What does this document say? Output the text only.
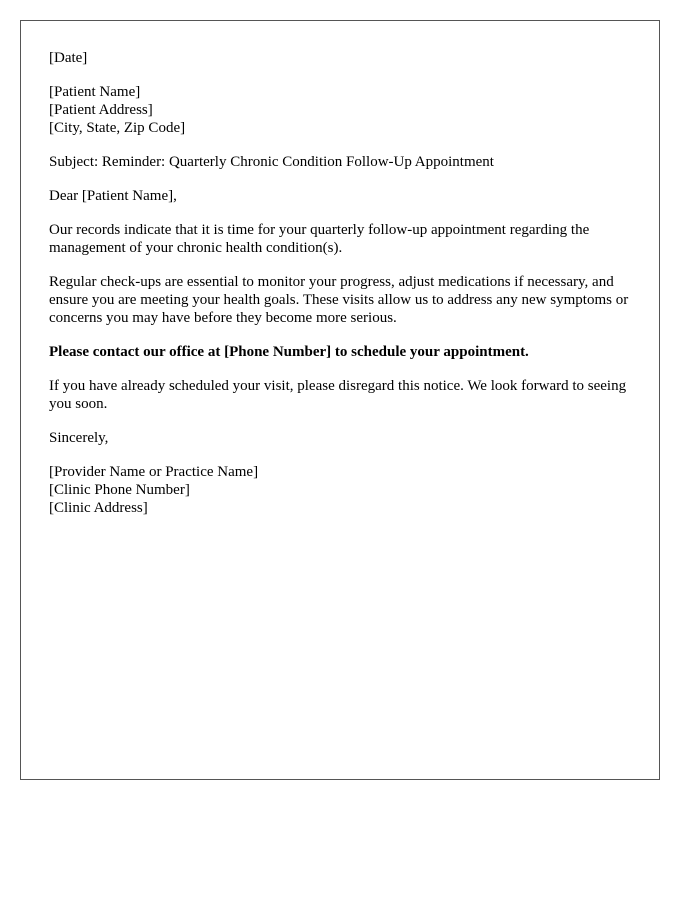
[Date]
[Patient Name]
[Patient Address]
[City, State, Zip Code]

Subject: Reminder: Quarterly Chronic Condition Follow-Up Appointment

Dear [Patient Name],

Our records indicate that it is time for your quarterly follow-up appointment regarding the management of your chronic health condition(s).

Regular check-ups are essential to monitor your progress, adjust medications if necessary, and ensure you are meeting your health goals. These visits allow us to address any new symptoms or concerns you may have before they become more serious.

Please contact our office at [Phone Number] to schedule your appointment.

If you have already scheduled your visit, please disregard this notice. We look forward to seeing you soon.

Sincerely,

[Provider Name or Practice Name]
[Clinic Phone Number]
[Clinic Address]
